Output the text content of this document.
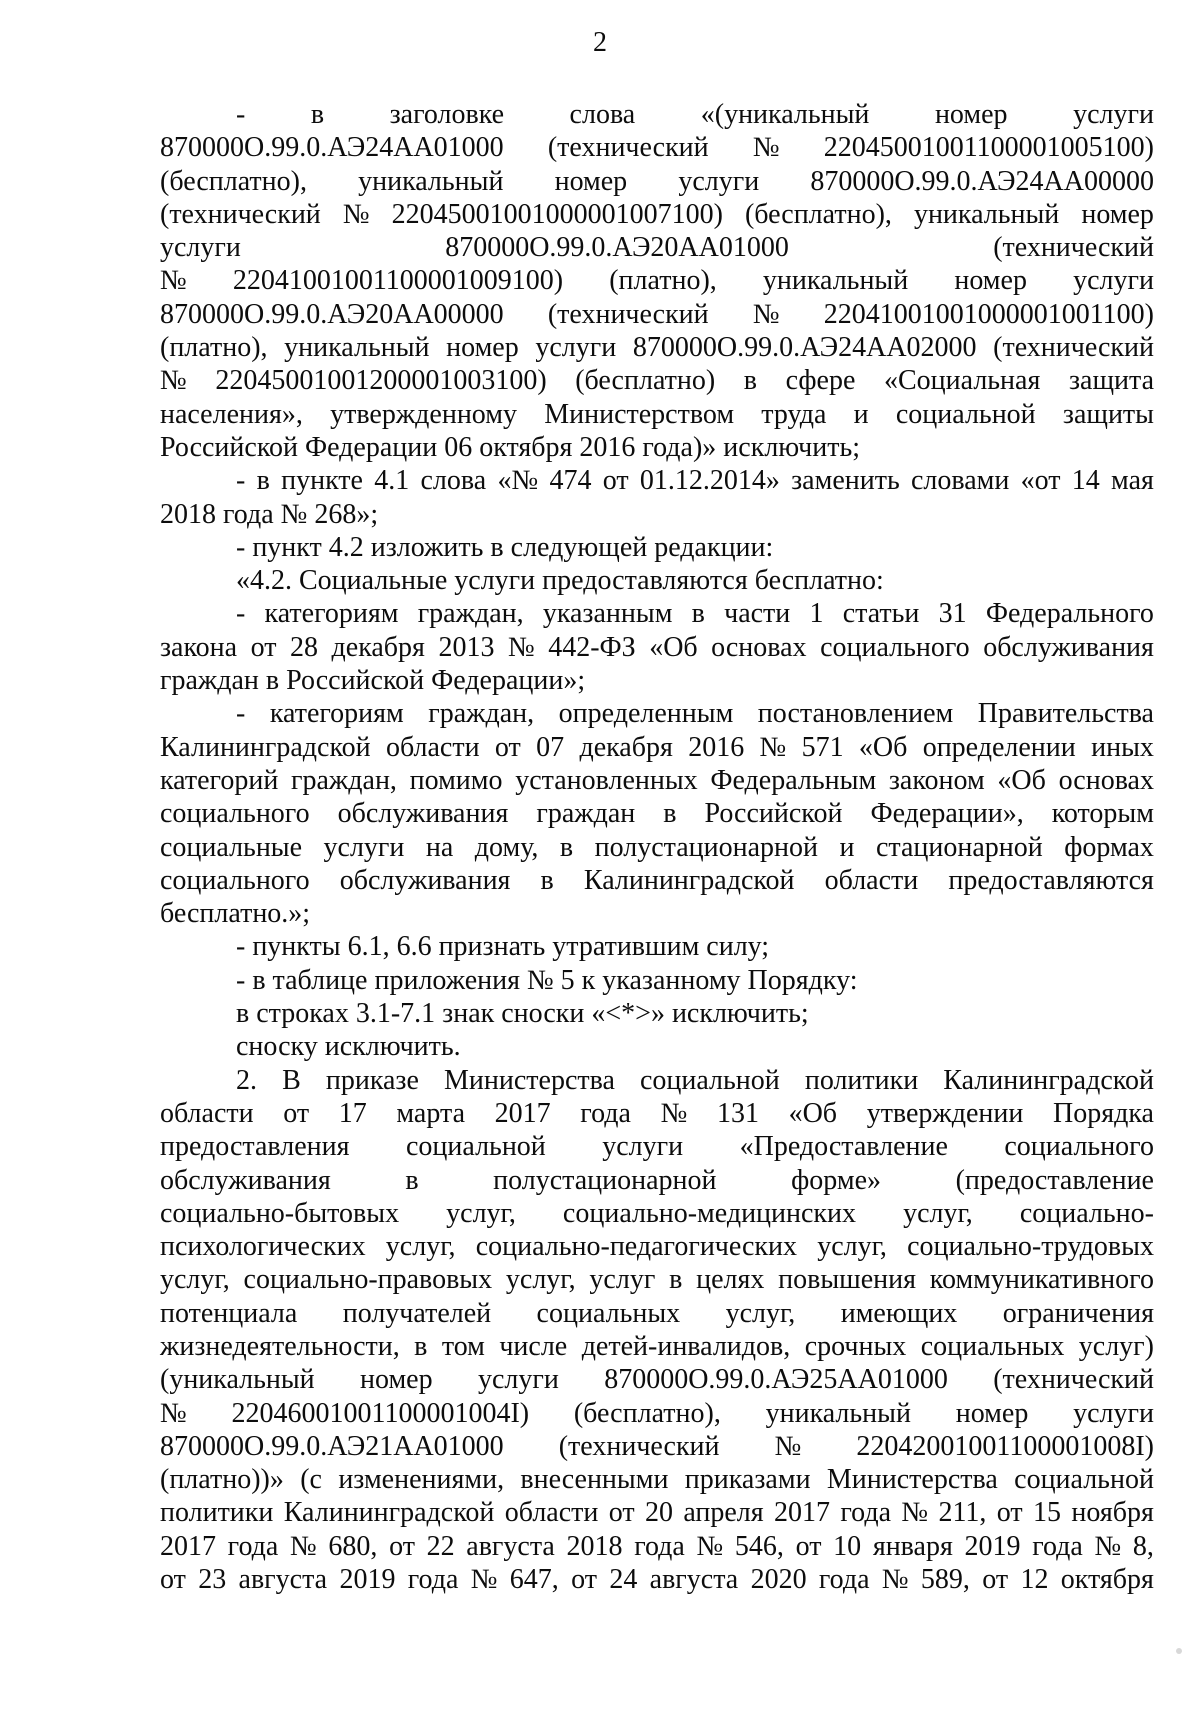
2
- в заголовке слова «(уникальный номер услуги
870000О.99.0.АЭ24АА01000 (технический № 22045001001100001005100)
(бесплатно), уникальный номер услуги 870000О.99.0.АЭ24АА00000
(технический № 22045001001000001007100) (бесплатно), уникальный номер
услуги	870000О.99.0.АЭ20АА01000	(технический
№ 22041001001100001009100) (платно), уникальный номер услуги
870000О.99.0.АЭ20АА00000 (технический № 22041001001000001001100)
(платно), уникальный номер услуги 870000О.99.0.АЭ24АА02000 (технический
№ 22045001001200001003100) (бесплатно) в сфере «Социальная защита
населения», утвержденному Министерством труда и социальной защиты
Российской Федерации 06 октября 2016 года)» исключить;
- в пункте 4.1 слова «№ 474 от 01.12.2014» заменить словами «от 14 мая
2018 года № 268»;
- пункт 4.2 изложить в следующей редакции:
«4.2. Социальные услуги предоставляются бесплатно:
- категориям граждан, указанным в части 1 статьи 31 Федерального
закона от 28 декабря 2013 № 442-ФЗ «Об основах социального обслуживания
граждан в Российской Федерации»;
- категориям граждан, определенным постановлением Правительства
Калининградской области от 07 декабря 2016 № 571 «Об определении иных
категорий граждан, помимо установленных Федеральным законом «Об основах
социального обслуживания граждан в Российской Федерации», которым
социальные услуги на дому, в полустационарной и стационарной формах
социального обслуживания в Калининградской области предоставляются
бесплатно.»;
- пункты 6.1, 6.6 признать утратившим силу;
- в таблице приложения № 5 к указанному Порядку:
в строках 3.1-7.1 знак сноски «<*>» исключить;
сноску исключить.
2. В приказе Министерства социальной политики Калининградской
области от 17 марта 2017 года № 131 «Об утверждении Порядка
предоставления социальной услуги «Предоставление социального
обслуживания	в	полустационарной	форме»	(предоставление
социально-бытовых услуг, социально-медицинских услуг, социально-
психологических услуг, социально-педагогических услуг, социально-трудовых
услуг, социально-правовых услуг, услуг в целях повышения коммуникативного
потенциала получателей социальных услуг, имеющих ограничения
жизнедеятельности, в том числе детей-инвалидов, срочных социальных услуг)
(уникальный номер услуги 870000О.99.0.АЭ25АА01000 (технический
№ 22046001001100001004І) (бесплатно), уникальный номер услуги
870000О.99.0.АЭ21АА01000 (технический № 22042001001100001008І)
(платно))» (с изменениями, внесенными приказами Министерства социальной
политики Калининградской области от 20 апреля 2017 года № 211, от 15 ноября
2017 года № 680, от 22 августа 2018 года № 546, от 10 января 2019 года № 8,
от 23 августа 2019 года № 647, от 24 августа 2020 года № 589, от 12 октября
